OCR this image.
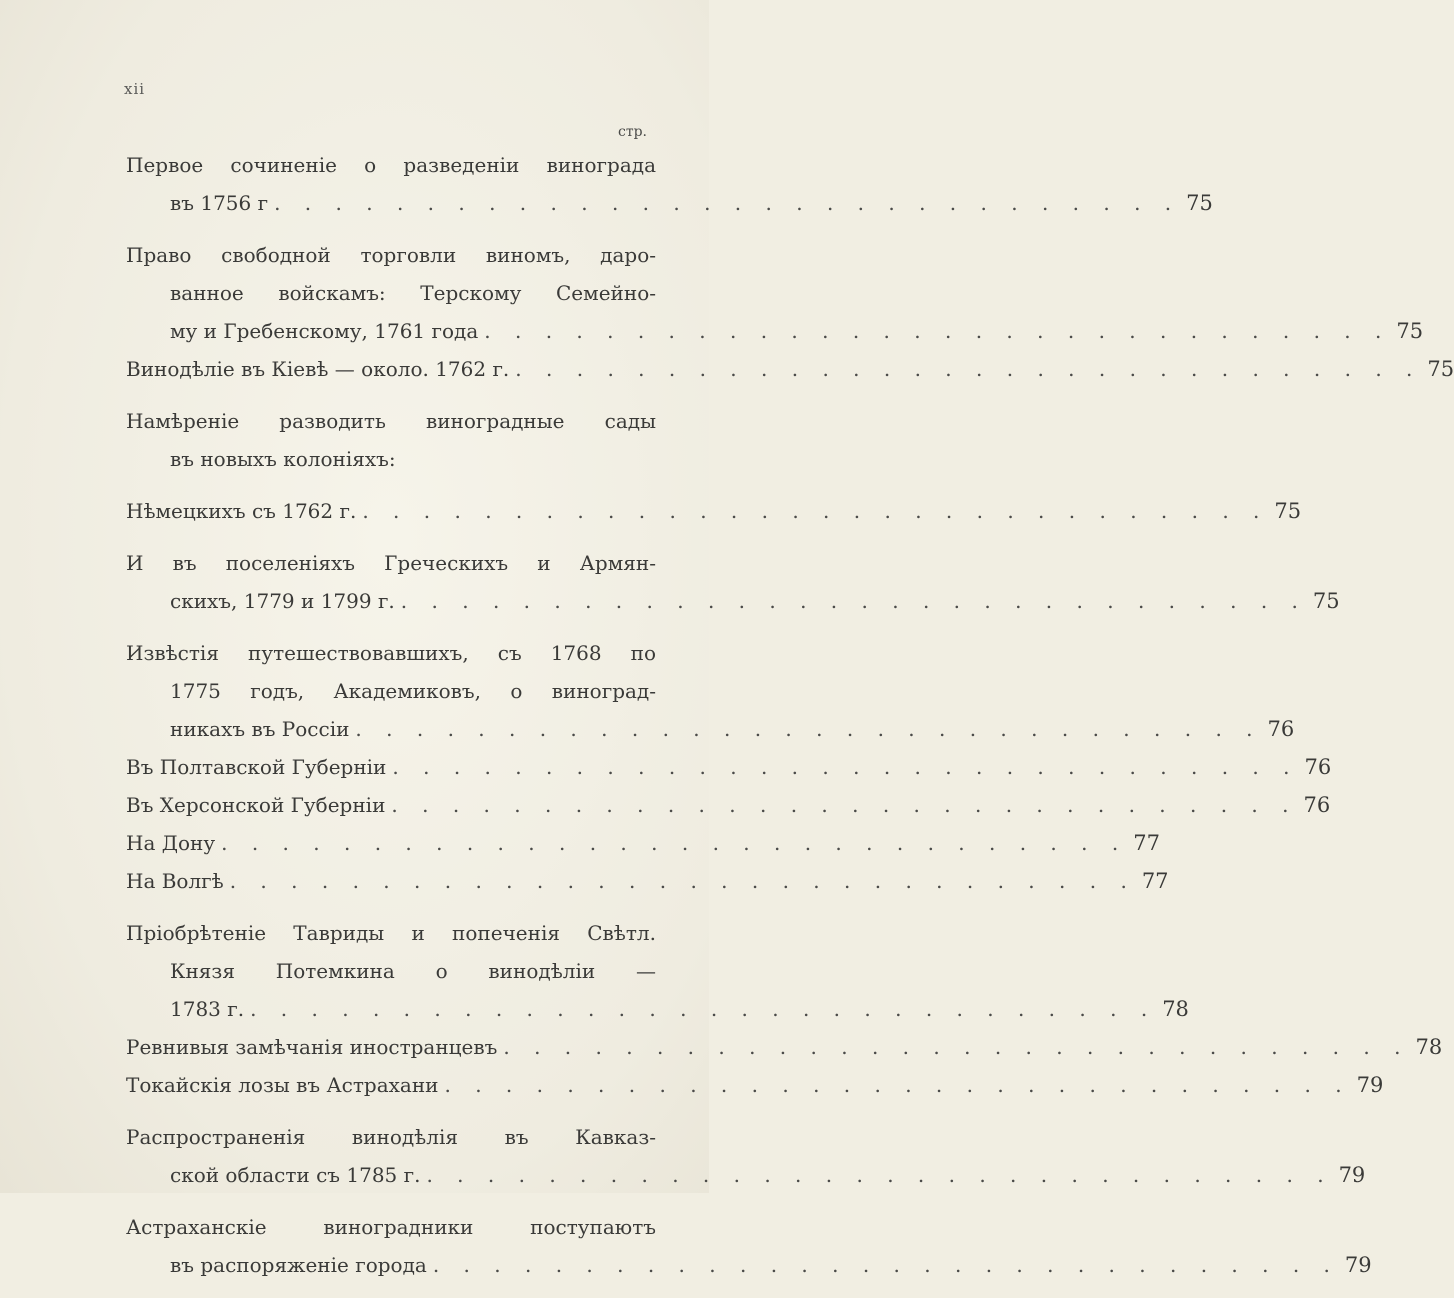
xii
стр.
Первое сочиненіе о разведеніи винограда
въ 1756 г . . . . . . . . . . . . . . . . . . . . . . . . . . . . . . 75
Право свободной торговли виномъ, даро-
ванное войскамъ: Терскому Семейно-
му и Гребенскому, 1761 года . . . . . . . . . . . . . . . . . . . . . . . . . . . . . . 75
Винодѣліе въ Кіевѣ — около. 1762 г. . . . . . . . . . . . . . . . . . . . . . . . . . . . . . . 75
Намѣреніе разводить виноградные сады
въ новыхъ колоніяхъ:
Нѣмецкихъ съ 1762 г. . . . . . . . . . . . . . . . . . . . . . . . . . . . . . . 75
И въ поселеніяхъ Греческихъ и Армян-
скихъ, 1779 и 1799 г. . . . . . . . . . . . . . . . . . . . . . . . . . . . . . . 75
Извѣстія путешествовавшихъ, съ 1768 по
1775 годъ, Академиковъ, о виноград-
никахъ въ Россіи . . . . . . . . . . . . . . . . . . . . . . . . . . . . . . 76
Въ Полтавской Губерніи . . . . . . . . . . . . . . . . . . . . . . . . . . . . . . 76
Въ Херсонской Губерніи . . . . . . . . . . . . . . . . . . . . . . . . . . . . . . 76
На Дону . . . . . . . . . . . . . . . . . . . . . . . . . . . . . . 77
На Волгѣ . . . . . . . . . . . . . . . . . . . . . . . . . . . . . . 77
Пріобрѣтеніе Тавриды и попеченія Свѣтл.
Князя Потемкина о винодѣліи —
1783 г. . . . . . . . . . . . . . . . . . . . . . . . . . . . . . . 78
Ревнивыя замѣчанія иностранцевъ . . . . . . . . . . . . . . . . . . . . . . . . . . . . . . 78
Токайскія лозы въ Астрахани . . . . . . . . . . . . . . . . . . . . . . . . . . . . . . 79
Распространенія винодѣлія въ Кавказ-
ской области съ 1785 г. . . . . . . . . . . . . . . . . . . . . . . . . . . . . . . 79
Астраханскіе виноградники поступаютъ
въ распоряженіе города . . . . . . . . . . . . . . . . . . . . . . . . . . . . . . 79
